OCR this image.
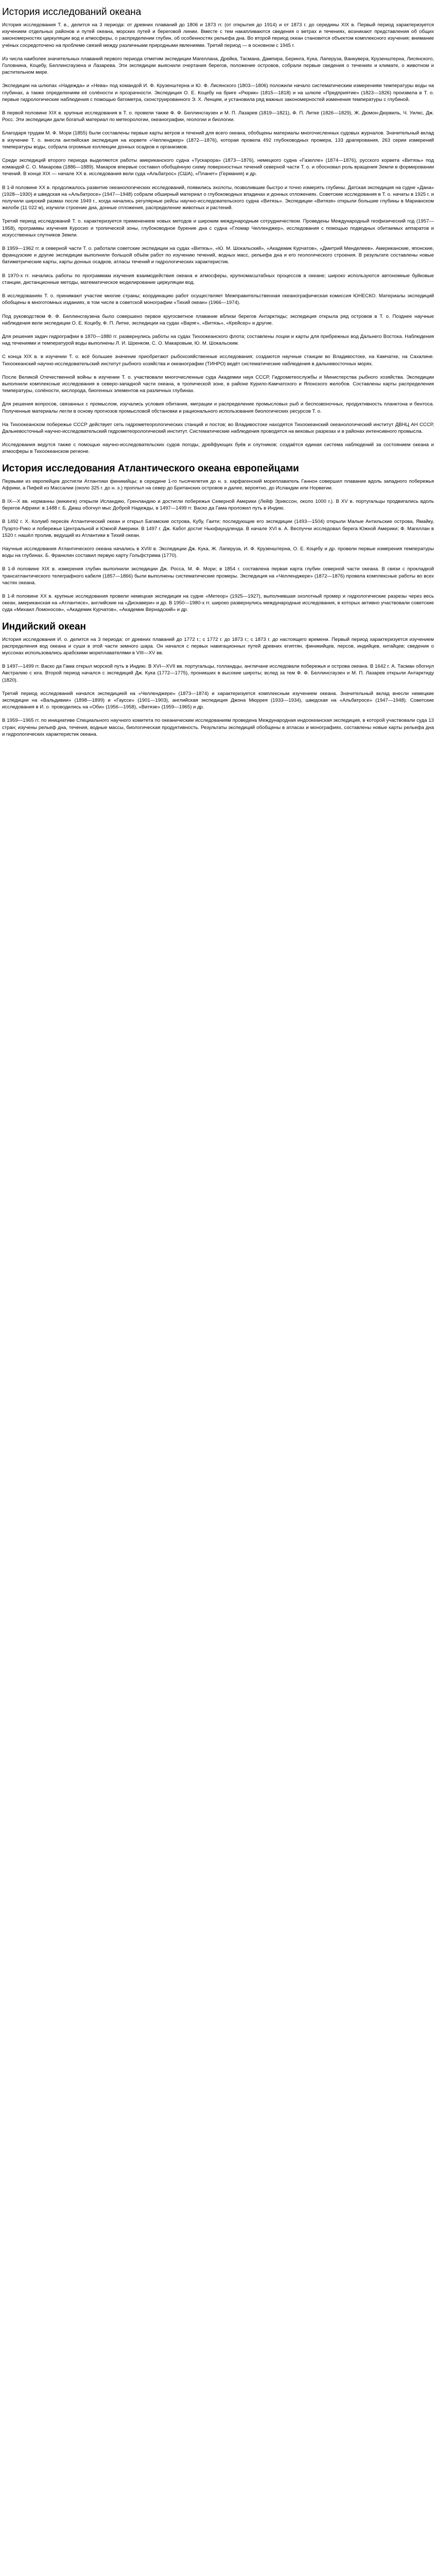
История исследований океана

История исследования Т. в., делится на 3 периода: от древних плаваний до 1806 и 1873 гг. (от открытия до 1914) и от 1873 г. до середины XIX в. Первый период характеризуется изучением отдельных районов и путей океана, морских путей и береговой линии. Вместе с тем накапливаются сведения о ветрах и течениях, возникают представления об общих закономерностях циркуляции вод и атмосферы, о распределении глубин, об особенностях рельефа дна. Во второй период океан становится объектом комплексного изучения; внимание учёных сосредоточено на проблеме связей между различными природными явлениями. Третий период — в основном с 1945 г.

Из числа наиболее значительных плаваний первого периода отметим экспедиции Магеллана, Дрейка, Тасмана, Дампира, Беринга, Кука, Лаперуза, Ванкувера, Крузенштерна, Лисянского, Головнина, Коцебу, Беллинсгаузена и Лазарева. Эти экспедиции выяснили очертания берегов, положение островов, собрали первые сведения о течениях и климате, о животном и растительном мире.

Экспедиции на шлюпах «Надежда» и «Нева» под командой И. Ф. Крузенштерна и Ю. Ф. Лисянского (1803—1806) положили начало систематическим измерениям температуры воды на глубинах, а также определениям её солёности и прозрачности. Экспедиция О. Е. Коцебу на бриге «Рюрик» (1815—1818) и на шлюпе «Предприятие» (1823—1826) произвела в Т. о. первые гидрологические наблюдения с помощью батометра, сконструированного Э. Х. Ленцем, и установила ряд важных закономерностей изменения температуры с глубиной.

В первой половине XIX в. крупные исследования в Т. о. провели также Ф. Ф. Беллинсгаузен и М. П. Лазарев (1819—1821), Ф. П. Литке (1826—1829), Ж. Дюмон-Дюрвиль, Ч. Уилкс, Дж. Росс. Эти экспедиции дали богатый материал по метеорологии, океанографии, геологии и биологии.

Благодаря трудам М. Ф. Мори (1855) были составлены первые карты ветров и течений для всего океана, обобщены материалы многочисленных судовых журналов. Значительный вклад в изучение Т. о. внесла английская экспедиция на корвете «Челленджер» (1872—1876), которая провела 492 глубоководных промера, 133 драгирования, 263 серии измерений температуры воды, собрала огромные коллекции донных осадков и организмов.

Среди экспедиций второго периода выделяются работы американского судна «Тускарора» (1873—1876), немецкого судна «Газелле» (1874—1876), русского корвета «Витязь» под командой С. О. Макарова (1886—1889). Макаров впервые составил обобщённую схему поверхностных течений северной части Т. о. и обосновал роль вращения Земли в формировании течений. В конце XIX — начале XX в. исследования вели суда «Альбатрос» (США), «Планет» (Германия) и др.

В 1-й половине XX в. продолжалось развитие океанологических исследований, появились эхолоты, позволившие быстро и точно измерять глубины. Датская экспедиция на судне «Дана» (1928—1930) и шведская на «Альбатросе» (1947—1948) собрали обширный материал о глубоководных впадинах и донных отложениях. Советские исследования в Т. о. начаты в 1925 г. и получили широкий размах после 1949 г., когда начались регулярные рейсы научно-исследовательского судна «Витязь». Экспедиции «Витязя» открыли большие глубины в Марианском желобе (11 022 м), изучили строение дна, донные отложения, распределение животных и растений.

Третий период исследований Т. о. характеризуется применением новых методов и широким международным сотрудничеством. Проведены Международный геофизический год (1957—1958), программы изучения Куросио и тропической зоны, глубоководное бурение дна с судна «Гломар Челленджер», исследования с помощью подводных обитаемых аппаратов и искусственных спутников Земли.

В 1959—1962 гг. в северной части Т. о. работали советские экспедиции на судах «Витязь», «Ю. М. Шокальский», «Академик Курчатов», «Дмитрий Менделеев». Американские, японские, французские и другие экспедиции выполнили большой объём работ по изучению течений, водных масс, рельефа дна и его геологического строения. В результате составлены новые батиметрические карты, карты донных осадков, атласы течений и гидрологических характеристик.

В 1970-х гг. начались работы по программам изучения взаимодействия океана и атмосферы, крупномасштабных процессов в океане; широко используются автономные буйковые станции, дистанционные методы, математическое моделирование циркуляции вод.

В исследованиях Т. о. принимают участие многие страны; координацию работ осуществляет Межправительственная океанографическая комиссия ЮНЕСКО. Материалы экспедиций обобщены в многотомных изданиях, в том числе в советской монографии «Тихий океан» (1966—1974).

Под руководством Ф. Ф. Беллинсгаузена было совершено первое кругосветное плавание вблизи берегов Антарктиды; экспедиция открыла ряд островов в Т. о. Позднее научные наблюдения вели экспедиции О. Е. Коцебу, Ф. П. Литке, экспедиции на судах «Варяг», «Витязь», «Крейсер» и другие.

Для решения задач гидрографии в 1870—1880 гг. развернулись работы на судах Тихоокеанского флота; составлены лоции и карты для прибрежных вод Дальнего Востока. Наблюдения над течениями и температурой воды выполнены Л. И. Шренком, С. О. Макаровым, Ю. М. Шокальским.

С конца XIX в. в изучении Т. о. всё большее значение приобретают рыбохозяйственные исследования; создаются научные станции во Владивостоке, на Камчатке, на Сахалине. Тихоокеанский научно-исследовательский институт рыбного хозяйства и океанографии (ТИНРО) ведёт систематические наблюдения в дальневосточных морях.

После Великой Отечественной войны в изучении Т. о. участвовали многочисленные суда Академии наук СССР, Гидрометеослужбы и Министерства рыбного хозяйства. Экспедиции выполнили комплексные исследования в северо-западной части океана, в тропической зоне, в районе Курило-Камчатского и Японского желобов. Составлены карты распределения температуры, солёности, кислорода, биогенных элементов на различных глубинах.

Для решения вопросов, связанных с промыслом, изучались условия обитания, миграции и распределение промысловых рыб и беспозвоночных, продуктивность планктона и бентоса. Полученные материалы легли в основу прогнозов промысловой обстановки и рационального использования биологических ресурсов Т. о.

На Тихоокеанском побережье СССР действует сеть гидрометеорологических станций и постов; во Владивостоке находятся Тихоокеанский океанологический институт ДВНЦ АН СССР, Дальневосточный научно-исследовательский гидрометеорологический институт. Систематические наблюдения проводятся на вековых разрезах и в районах интенсивного промысла.

Исследования ведутся также с помощью научно-исследовательских судов погоды, дрейфующих буёв и спутников; создаётся единая система наблюдений за состоянием океана и атмосферы в Тихоокеанском регионе.

История исследования Атлантического океана европейцами

Первыми из европейцев достигли Атлантики финикийцы; в середине 1-го тысячелетия до н. э. карфагенский мореплаватель Ганнон совершил плавание вдоль западного побережья Африки, а Пифей из Массалии (около 325 г. до н. э.) проплыл на север до Британских островов и далее, вероятно, до Исландии или Норвегии.

В IX—X вв. норманны (викинги) открыли Исландию, Гренландию и достигли побережья Северной Америки (Лейф Эрикссон, около 1000 г.). В XV в. португальцы продвигались вдоль берегов Африки: в 1488 г. Б. Диаш обогнул мыс Доброй Надежды, в 1497—1499 гг. Васко да Гама проложил путь в Индию.

В 1492 г. Х. Колумб пересёк Атлантический океан и открыл Багамские острова, Кубу, Гаити; последующие его экспедиции (1493—1504) открыли Малые Антильские острова, Ямайку, Пуэрто-Рико и побережье Центральной и Южной Америки. В 1497 г. Дж. Кабот достиг Ньюфаундленда. В начале XVI в. А. Веспуччи исследовал берега Южной Америки; Ф. Магеллан в 1520 г. нашёл пролив, ведущий из Атлантики в Тихий океан.

Научные исследования Атлантического океана начались в XVIII в. Экспедиции Дж. Кука, Ж. Лаперуза, И. Ф. Крузенштерна, О. Е. Коцебу и др. провели первые измерения температуры воды на глубинах. Б. Франклин составил первую карту Гольфстрима (1770).

В 1-й половине XIX в. измерения глубин выполнили экспедиции Дж. Росса, М. Ф. Мори; в 1854 г. составлена первая карта глубин северной части океана. В связи с прокладкой трансатлантического телеграфного кабеля (1857—1866) были выполнены систематические промеры. Экспедиция на «Челленджере» (1872—1876) провела комплексные работы во всех частях океана.

В 1-й половине XX в. крупные исследования провели немецкая экспедиция на судне «Метеор» (1925—1927), выполнившая эхолотный промер и гидрологические разрезы через весь океан, американская на «Атлантисе», английские на «Дискавери» и др. В 1950—1980-х гг. широко развернулись международные исследования, в которых активно участвовали советские суда «Михаил Ломоносов», «Академик Курчатов», «Академик Вернадский» и др.

Индийский океан

История исследования И. о. делится на 3 периода: от древних плаваний до 1772 г.; с 1772 г. до 1873 г.; с 1873 г. до настоящего времени. Первый период характеризуется изучением распределения вод океана и суши в этой части земного шара. Он начался с первых навигационных путей древних египтян, финикийцев, персов, индийцев, китайцев; сведения о муссонах использовались арабскими мореплавателями в VIII—XV вв.

В 1497—1499 гг. Васко да Гама открыл морской путь в Индию. В XVI—XVII вв. португальцы, голландцы, англичане исследовали побережья и острова океана. В 1642 г. А. Тасман обогнул Австралию с юга. Второй период начался с экспедиций Дж. Кука (1772—1775), проникших в высокие широты; вслед за тем Ф. Ф. Беллинсгаузен и М. П. Лазарев открыли Антарктиду (1820).

Третий период исследований начался экспедицией на «Челленджере» (1873—1874) и характеризуется комплексным изучением океана. Значительный вклад внесли немецкие экспедиции на «Вальдивии» (1898—1899) и «Гауссе» (1901—1903), английская экспедиция Джона Мюррея (1933—1934), шведская на «Альбатросе» (1947—1948). Советские исследования в И. о. проводились на «Оби» (1956—1958), «Витязе» (1959—1965) и др.

В 1959—1965 гг. по инициативе Специального научного комитета по океаническим исследованиям проведена Международная индоокеанская экспедиция, в которой участвовали суда 13 стран; изучены рельеф дна, течения, водные массы, биологическая продуктивность. Результаты экспедиций обобщены в атласах и монографиях, составлены новые карты рельефа дна и гидрологических характеристик океана.
